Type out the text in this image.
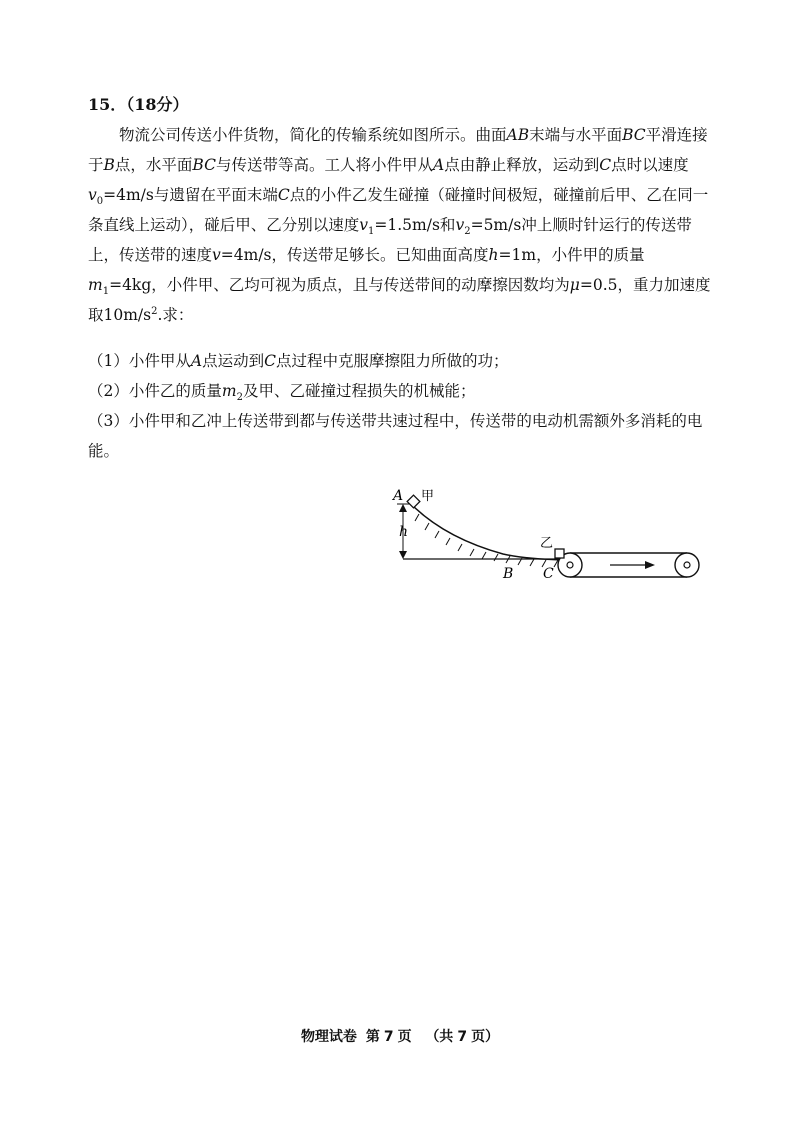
15．（18分）
物流公司传送小件货物，简化的传输系统如图所示。曲面AB末端与水平面BC平滑连接于B点，水平面BC与传送带等高。工人将小件甲从A点由静止释放，运动到C点时以速度$v_0=4m/s$与遗留在平面末端C点的小件乙发生碰撞（碰撞时间极短，碰撞前后甲、乙在同一条直线上运动），碰后甲、乙分别以速度$v_1=1.5m/s$和$v_2=5m/s$冲上顺时针运行的传送带上，传送带的速度v=4m/s，传送带足够长。已知曲面高度h=1m，小件甲的质量$m_1=4kg$，小件甲、乙均可视为质点，且与传送带间的动摩擦因数均为μ=0.5，重力加速度取$10m/s^2$.求：
（1）小件甲从A点运动到C点过程中克服摩擦阻力所做的功；
（2）小件乙的质量$m_2$及甲、乙碰撞过程损失的机械能；
（3）小件甲和乙冲上传送带到都与传送带共速过程中，传送带的电动机需额外多消耗的电能。
A 甲
h
乙
B C
物理试卷 第 7 页 （共 7 页）
